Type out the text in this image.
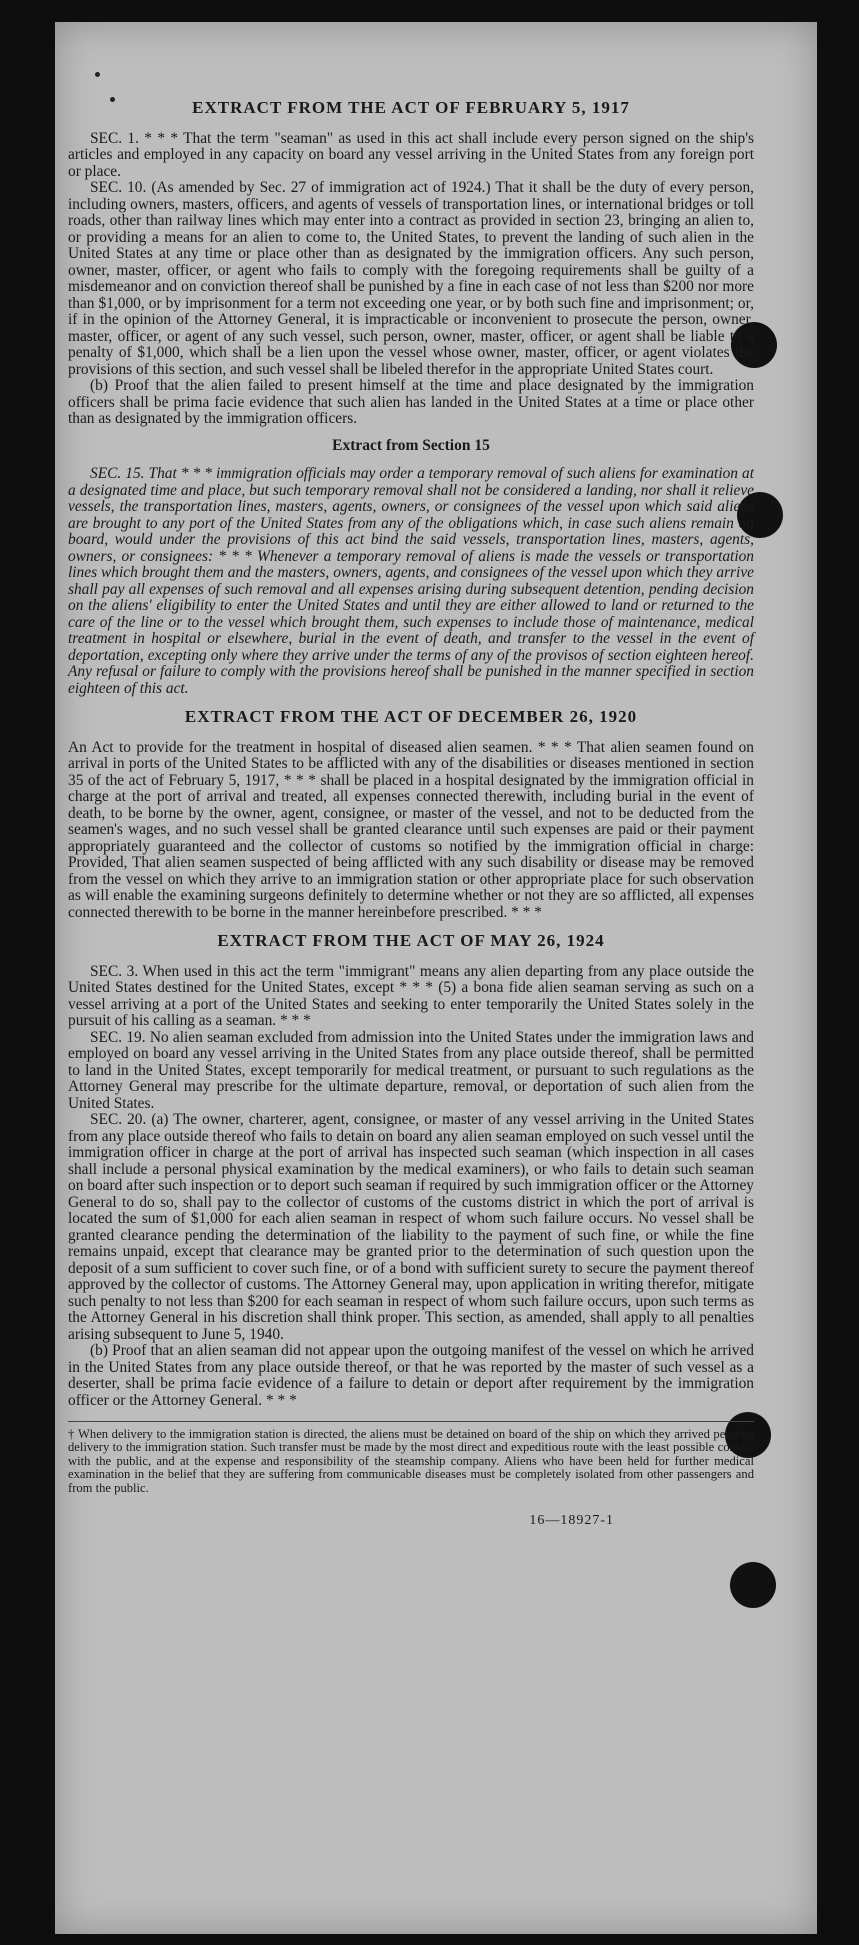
EXTRACT FROM THE ACT OF FEBRUARY 5, 1917

SEC. 1. * * * That the term "seaman" as used in this act shall include every person signed on the ship's articles and employed in any capacity on board any vessel arriving in the United States from any foreign port or place.

SEC. 10. (As amended by Sec. 27 of immigration act of 1924.) That it shall be the duty of every person, including owners, masters, officers, and agents of vessels of transportation lines, or international bridges or toll roads, other than railway lines which may enter into a contract as provided in section 23, bringing an alien to, or providing a means for an alien to come to, the United States, to prevent the landing of such alien in the United States at any time or place other than as designated by the immigration officers. Any such person, owner, master, officer, or agent who fails to comply with the foregoing requirements shall be guilty of a misdemeanor and on conviction thereof shall be punished by a fine in each case of not less than $200 nor more than $1,000, or by imprisonment for a term not exceeding one year, or by both such fine and imprisonment; or, if in the opinion of the Attorney General, it is impracticable or inconvenient to prosecute the person, owner, master, officer, or agent of any such vessel, such person, owner, master, officer, or agent shall be liable to a penalty of $1,000, which shall be a lien upon the vessel whose owner, master, officer, or agent violates the provisions of this section, and such vessel shall be libeled therefor in the appropriate United States court.

(b) Proof that the alien failed to present himself at the time and place designated by the immigration officers shall be prima facie evidence that such alien has landed in the United States at a time or place other than as designated by the immigration officers.

Extract from Section 15

SEC. 15. That * * * immigration officials may order a temporary removal of such aliens for examination at a designated time and place, but such temporary removal shall not be considered a landing, nor shall it relieve vessels, the transportation lines, masters, agents, owners, or consignees of the vessel upon which said aliens are brought to any port of the United States from any of the obligations which, in case such aliens remain on board, would under the provisions of this act bind the said vessels, transportation lines, masters, agents, owners, or consignees: * * * Whenever a temporary removal of aliens is made the vessels or transportation lines which brought them and the masters, owners, agents, and consignees of the vessel upon which they arrive shall pay all expenses of such removal and all expenses arising during subsequent detention, pending decision on the aliens' eligibility to enter the United States and until they are either allowed to land or returned to the care of the line or to the vessel which brought them, such expenses to include those of maintenance, medical treatment in hospital or elsewhere, burial in the event of death, and transfer to the vessel in the event of deportation, excepting only where they arrive under the terms of any of the provisos of section eighteen hereof. Any refusal or failure to comply with the provisions hereof shall be punished in the manner specified in section eighteen of this act.

EXTRACT FROM THE ACT OF DECEMBER 26, 1920

An Act to provide for the treatment in hospital of diseased alien seamen. * * * That alien seamen found on arrival in ports of the United States to be afflicted with any of the disabilities or diseases mentioned in section 35 of the act of February 5, 1917, * * * shall be placed in a hospital designated by the immigration official in charge at the port of arrival and treated, all expenses connected therewith, including burial in the event of death, to be borne by the owner, agent, consignee, or master of the vessel, and not to be deducted from the seamen's wages, and no such vessel shall be granted clearance until such expenses are paid or their payment appropriately guaranteed and the collector of customs so notified by the immigration official in charge: Provided, That alien seamen suspected of being afflicted with any such disability or disease may be removed from the vessel on which they arrive to an immigration station or other appropriate place for such observation as will enable the examining surgeons definitely to determine whether or not they are so afflicted, all expenses connected therewith to be borne in the manner hereinbefore prescribed. * * *

EXTRACT FROM THE ACT OF MAY 26, 1924

SEC. 3. When used in this act the term "immigrant" means any alien departing from any place outside the United States destined for the United States, except * * * (5) a bona fide alien seaman serving as such on a vessel arriving at a port of the United States and seeking to enter temporarily the United States solely in the pursuit of his calling as a seaman. * * *

SEC. 19. No alien seaman excluded from admission into the United States under the immigration laws and employed on board any vessel arriving in the United States from any place outside thereof, shall be permitted to land in the United States, except temporarily for medical treatment, or pursuant to such regulations as the Attorney General may prescribe for the ultimate departure, removal, or deportation of such alien from the United States.

SEC. 20. (a) The owner, charterer, agent, consignee, or master of any vessel arriving in the United States from any place outside thereof who fails to detain on board any alien seaman employed on such vessel until the immigration officer in charge at the port of arrival has inspected such seaman (which inspection in all cases shall include a personal physical examination by the medical examiners), or who fails to detain such seaman on board after such inspection or to deport such seaman if required by such immigration officer or the Attorney General to do so, shall pay to the collector of customs of the customs district in which the port of arrival is located the sum of $1,000 for each alien seaman in respect of whom such failure occurs. No vessel shall be granted clearance pending the determination of the liability to the payment of such fine, or while the fine remains unpaid, except that clearance may be granted prior to the determination of such question upon the deposit of a sum sufficient to cover such fine, or of a bond with sufficient surety to secure the payment thereof approved by the collector of customs. The Attorney General may, upon application in writing therefor, mitigate such penalty to not less than $200 for each seaman in respect of whom such failure occurs, upon such terms as the Attorney General in his discretion shall think proper. This section, as amended, shall apply to all penalties arising subsequent to June 5, 1940.

(b) Proof that an alien seaman did not appear upon the outgoing manifest of the vessel on which he arrived in the United States from any place outside thereof, or that he was reported by the master of such vessel as a deserter, shall be prima facie evidence of a failure to detain or deport after requirement by the immigration officer or the Attorney General. * * *

† When delivery to the immigration station is directed, the aliens must be detained on board of the ship on which they arrived pending delivery to the immigration station. Such transfer must be made by the most direct and expeditious route with the least possible contact with the public, and at the expense and responsibility of the steamship company. Aliens who have been held for further medical examination in the belief that they are suffering from communicable diseases must be completely isolated from other passengers and from the public.
16—18927-1
